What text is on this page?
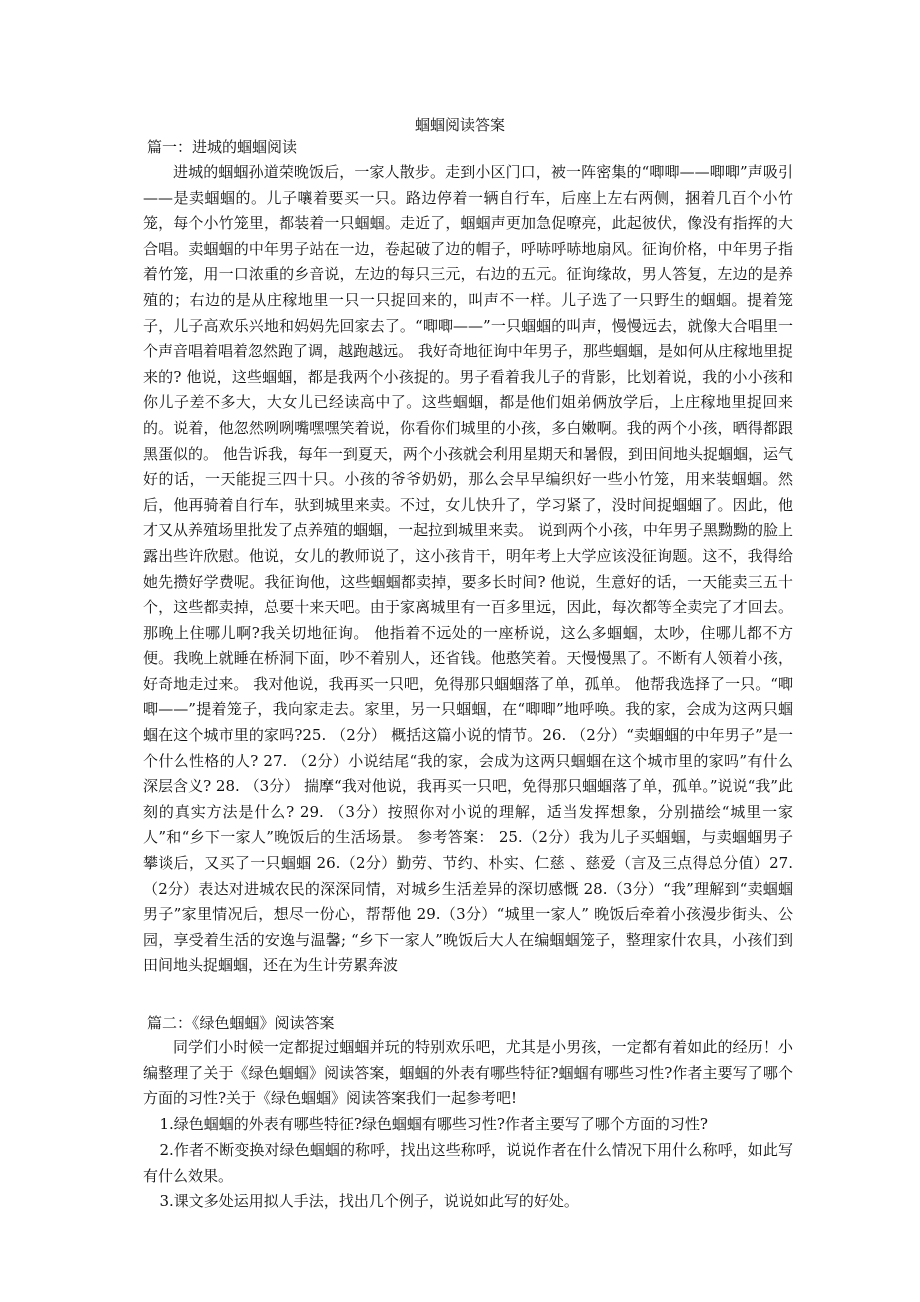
蝈蝈阅读答案
篇一：进城的蝈蝈阅读
进城的蝈蝈孙道荣晚饭后，一家人散步。走到小区门口，被一阵密集的“唧唧——唧唧”声吸引——是卖蝈蝈的。儿子嚷着要买一只。路边停着一辆自行车，后座上左右两侧，捆着几百个小竹笼，每个小竹笼里，都装着一只蝈蝈。走近了，蝈蝈声更加急促嘹亮，此起彼伏，像没有指挥的大合唱。卖蝈蝈的中年男子站在一边，卷起破了边的帽子，呼哧呼哧地扇风。征询价格，中年男子指着竹笼，用一口浓重的乡音说，左边的每只三元，右边的五元。征询缘故，男人答复，左边的是养殖的；右边的是从庄稼地里一只一只捉回来的，叫声不一样。儿子选了一只野生的蝈蝈。提着笼子，儿子高欢乐兴地和妈妈先回家去了。“唧唧——”一只蝈蝈的叫声，慢慢远去，就像大合唱里一个声音唱着唱着忽然跑了调，越跑越远。 我好奇地征询中年男子，那些蝈蝈，是如何从庄稼地里捉来的? 他说，这些蝈蝈，都是我两个小孩捉的。男子看着我儿子的背影，比划着说，我的小小孩和你儿子差不多大，大女儿已经读高中了。这些蝈蝈，都是他们姐弟俩放学后，上庄稼地里捉回来的。说着，他忽然咧咧嘴嘿嘿笑着说，你看你们城里的小孩，多白嫩啊。我的两个小孩，晒得都跟黑蛋似的。 他告诉我，每年一到夏天，两个小孩就会利用星期天和暑假，到田间地头捉蝈蝈，运气好的话，一天能捉三四十只。小孩的爷爷奶奶，那么会早早编织好一些小竹笼，用来装蝈蝈。然后，他再骑着自行车，驮到城里来卖。不过，女儿快升了，学习紧了，没时间捉蝈蝈了。因此，他才又从养殖场里批发了点养殖的蝈蝈，一起拉到城里来卖。 说到两个小孩，中年男子黑黝黝的脸上露出些许欣慰。他说，女儿的教师说了，这小孩肯干，明年考上大学应该没征询题。这不，我得给她先攒好学费呢。我征询他，这些蝈蝈都卖掉，要多长时间? 他说，生意好的话，一天能卖三五十个，这些都卖掉，总要十来天吧。由于家离城里有一百多里远，因此，每次都等全卖完了才回去。 那晚上住哪儿啊?我关切地征询。 他指着不远处的一座桥说，这么多蝈蝈，太吵，住哪儿都不方便。我晚上就睡在桥洞下面，吵不着别人，还省钱。他憨笑着。天慢慢黑了。不断有人领着小孩，好奇地走过来。 我对他说，我再买一只吧，免得那只蝈蝈落了单，孤单。 他帮我选择了一只。“唧唧——”提着笼子，我向家走去。家里，另一只蝈蝈，在“唧唧”地呼唤。我的家，会成为这两只蝈蝈在这个城市里的家吗?25. （2分） 概括这篇小说的情节。26. （2分）“卖蝈蝈的中年男子”是一个什么性格的人? 27. （2分）小说结尾“我的家，会成为这两只蝈蝈在这个城市里的家吗”有什么深层含义? 28. （3分） 揣摩“我对他说，我再买一只吧，免得那只蝈蝈落了单，孤单。”说说“我”此刻的真实方法是什么? 29. （3分）按照你对小说的理解，适当发挥想象，分别描绘“城里一家人”和“乡下一家人”晚饭后的生活场景。 参考答案： 25.（2分）我为儿子买蝈蝈，与卖蝈蝈男子攀谈后，又买了一只蝈蝈 26.（2分）勤劳、节约、朴实、仁慈 、慈爱（言及三点得总分值）27.（2分）表达对进城农民的深深同情，对城乡生活差异的深切感慨 28.（3分）“我”理解到“卖蝈蝈男子”家里情况后，想尽一份心，帮帮他 29.（3分）“城里一家人” 晚饭后牵着小孩漫步街头、公园，享受着生活的安逸与温馨; “乡下一家人”晚饭后大人在编蝈蝈笼子，整理家什农具，小孩们到田间地头捉蝈蝈，还在为生计劳累奔波
篇二：《绿色蝈蝈》阅读答案
同学们小时候一定都捉过蝈蝈并玩的特别欢乐吧，尤其是小男孩，一定都有着如此的经历！小编整理了关于《绿色蝈蝈》阅读答案，蝈蝈的外表有哪些特征?蝈蝈有哪些习性?作者主要写了哪个方面的习性?关于《绿色蝈蝈》阅读答案我们一起参考吧!
1.绿色蝈蝈的外表有哪些特征?绿色蝈蝈有哪些习性?作者主要写了哪个方面的习性?
2.作者不断变换对绿色蝈蝈的称呼，找出这些称呼，说说作者在什么情况下用什么称呼，如此写有什么效果。
3.课文多处运用拟人手法，找出几个例子，说说如此写的好处。
